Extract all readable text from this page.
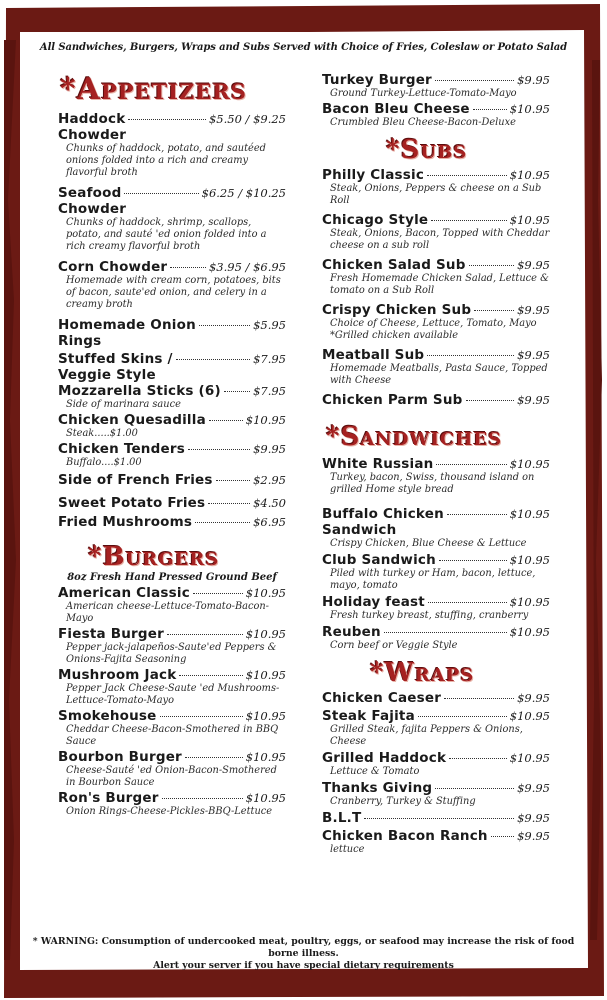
All Sandwiches, Burgers, Wraps and Subs Served with Choice of Fries, Coleslaw or Potato Salad
*Appetizers
Haddock	$5.50 / $9.25
Chowder
Chunks of haddock, potato, and sautéed onions folded into a rich and creamy flavorful broth
Seafood	$6.25 / $10.25
Chowder
Chunks of haddock, shrimp, scallops, potato, and sauté 'ed onion folded into a rich creamy flavorful broth
Corn Chowder	$3.95 / $6.95
Homemade with cream corn, potatoes, bits of bacon, saute'ed onion, and celery in a creamy broth
Homemade Onion	$5.95
Rings
Stuffed Skins /	$7.95
Veggie Style
Mozzarella Sticks (6)	$7.95
Side of marinara sauce
Chicken Quesadilla	$10.95
Steak.....$1.00
Chicken Tenders	$9.95
Buffalo....$1.00
Side of French Fries	$2.95
Sweet Potato Fries	$4.50
Fried Mushrooms	$6.95
*Burgers
8oz Fresh Hand Pressed Ground Beef
American Classic	$10.95
American cheese-Lettuce-Tomato-Bacon-Mayo
Fiesta Burger	$10.95
Pepper jack-jalapeños-Saute'ed Peppers & Onions-Fajita Seasoning
Mushroom Jack	$10.95
Pepper Jack Cheese-Saute 'ed Mushrooms-Lettuce-Tomato-Mayo
Smokehouse	$10.95
Cheddar Cheese-Bacon-Smothered in BBQ Sauce
Bourbon Burger	$10.95
Cheese-Sauté 'ed Onion-Bacon-Smothered in Bourbon Sauce
Ron's Burger	$10.95
Onion Rings-Cheese-Pickles-BBQ-Lettuce
Turkey Burger	$9.95
Ground Turkey-Lettuce-Tomato-Mayo
Bacon Bleu Cheese	$10.95
Crumbled Bleu Cheese-Bacon-Deluxe
*Subs
Philly Classic	$10.95
Steak, Onions, Peppers & cheese on a Sub Roll
Chicago Style	$10.95
Steak, Onions, Bacon, Topped with Cheddar cheese on a sub roll
Chicken Salad Sub	$9.95
Fresh Homemade Chicken Salad, Lettuce & tomato on a Sub Roll
Crispy Chicken Sub	$9.95
Choice of Cheese, Lettuce, Tomato, Mayo *Grilled chicken available
Meatball Sub	$9.95
Homemade Meatballs, Pasta Sauce, Topped with Cheese
Chicken Parm Sub	$9.95
*Sandwiches
White Russian	$10.95
Turkey, bacon, Swiss, thousand island on grilled Home style bread
Buffalo Chicken	$10.95
Sandwich
Crispy Chicken, Blue Cheese & Lettuce
Club Sandwich	$10.95
Piled with turkey or Ham, bacon, lettuce, mayo, tomato
Holiday feast	$10.95
Fresh turkey breast, stuffing, cranberry
Reuben	$10.95
Corn beef or Veggie Style
*Wraps
Chicken Caeser	$9.95
Steak Fajita	$10.95
Grilled Steak, fajita Peppers & Onions, Cheese
Grilled Haddock	$10.95
Lettuce & Tomato
Thanks Giving	$9.95
Cranberry, Turkey & Stuffing
B.L.T	$9.95
Chicken Bacon Ranch	$9.95
lettuce
* WARNING: Consumption of undercooked meat, poultry, eggs, or seafood may increase the risk of food borne illness.
Alert your server if you have special dietary requirements
